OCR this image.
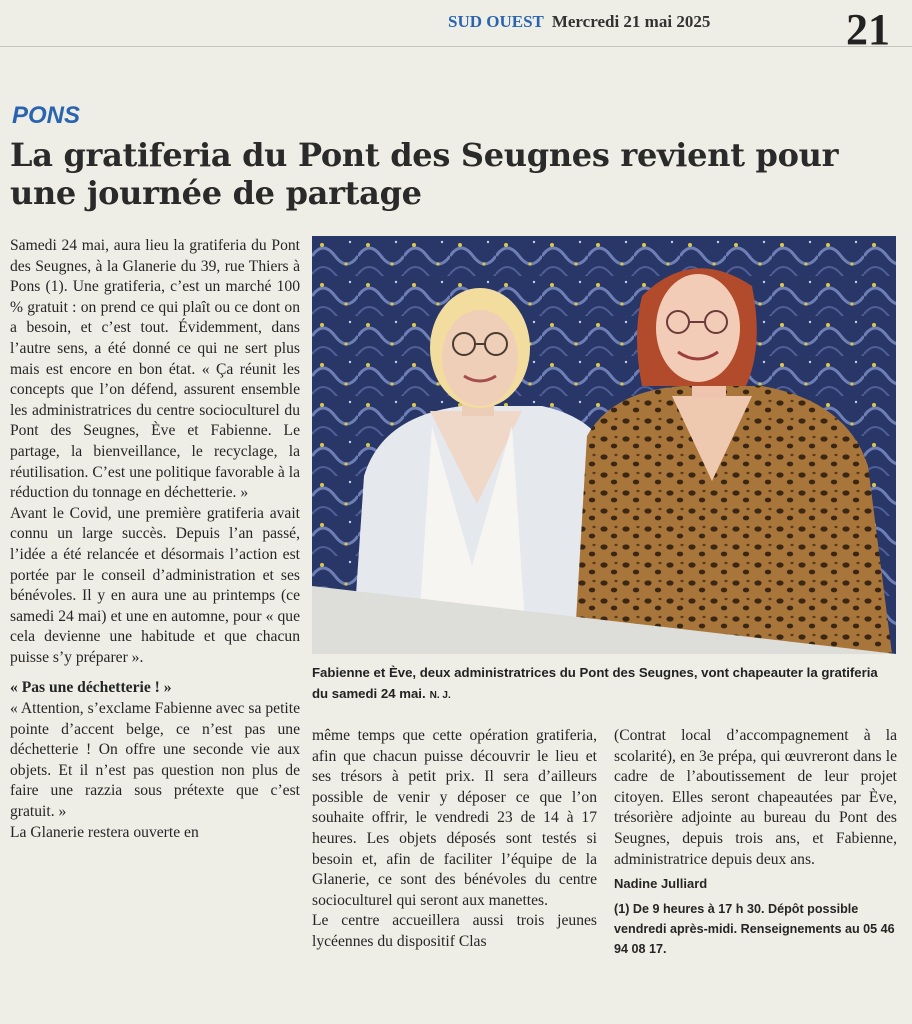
SUD OUEST Mercredi 21 mai 2025	21
PONS
La gratiferia du Pont des Seugnes revient pour une journée de partage

Samedi 24 mai, aura lieu la gratiferia du Pont des Seugnes, à la Glanerie du 39, rue Thiers à Pons (1). Une gratiferia, c’est un marché 100 % gratuit : on prend ce qui plaît ou ce dont on a besoin, et c’est tout. Évidemment, dans l’autre sens, a été donné ce qui ne sert plus mais est encore en bon état. « Ça réunit les concepts que l’on défend, assurent ensemble les administratrices du centre socioculturel du Pont des Seugnes, Ève et Fabienne. Le partage, la bienveillance, le recyclage, la réutilisation. C’est une politique favorable à la réduction du tonnage en déchetterie. »

Avant le Covid, une première gratiferia avait connu un large succès. Depuis l’an passé, l’idée a été relancée et désormais l’action est portée par le conseil d’administration et ses bénévoles. Il y en aura une au printemps (ce samedi 24 mai) et une en automne, pour « que cela devienne une habitude et que chacun puisse s’y préparer ».

« Pas une déchetterie ! »

« Attention, s’exclame Fabienne avec sa petite pointe d’accent belge, ce n’est pas une déchetterie ! On offre une seconde vie aux objets. Et il n’est pas question non plus de faire une razzia sous prétexte que c’est gratuit. »

La Glanerie restera ouverte en

Fabienne et Ève, deux administratrices du Pont des Seugnes, vont chapeauter la gratiferia du samedi 24 mai. N. J.

même temps que cette opération gratiferia, afin que chacun puisse découvrir le lieu et ses trésors à petit prix. Il sera d’ailleurs possible de venir y déposer ce que l’on souhaite offrir, le vendredi 23 de 14 à 17 heures. Les objets déposés sont testés si besoin et, afin de faciliter l’équipe de la Glanerie, ce sont des bénévoles du centre socioculturel qui seront aux manettes.

Le centre accueillera aussi trois jeunes lycéennes du dispositif Clas

(Contrat local d’accompagnement à la scolarité), en 3e prépa, qui œuvreront dans le cadre de l’aboutissement de leur projet citoyen. Elles seront chapeautées par Ève, trésorière adjointe au bureau du Pont des Seugnes, depuis trois ans, et Fabienne, administratrice depuis deux ans.

Nadine Julliard

(1) De 9 heures à 17 h 30. Dépôt possible vendredi après-midi. Renseignements au 05 46 94 08 17.
